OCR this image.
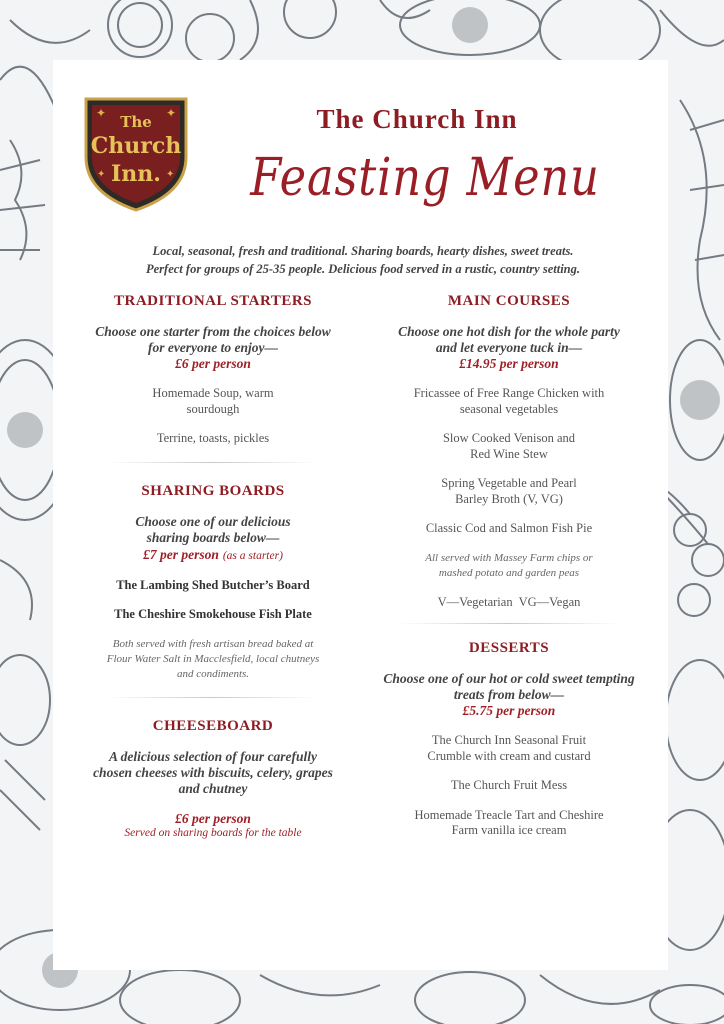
✦	✦
✦	✦
The
Church
Inn.
The Church Inn
Feasting Menu
Local, seasonal, fresh and traditional. Sharing boards, hearty dishes, sweet treats.
Perfect for groups of 25-35 people. Delicious food served in a rustic, country setting.
TRADITIONAL STARTERS
Choose one starter from the choices below for everyone to enjoy—
£6 per person
Homemade Soup, warm sourdough
Terrine, toasts, pickles
SHARING BOARDS
Choose one of our delicious sharing boards below—
£7 per person (as a starter)
The Lambing Shed Butcher’s Board
The Cheshire Smokehouse Fish Plate
Both served with fresh artisan bread baked at Flour Water Salt in Macclesfield, local chutneys and condiments.
CHEESEBOARD
A delicious selection of four carefully chosen cheeses with biscuits, celery, grapes and chutney
£6 per person
Served on sharing boards for the table
MAIN COURSES
Choose one hot dish for the whole party and let everyone tuck in—
£14.95 per person
Fricassee of Free Range Chicken with seasonal vegetables
Slow Cooked Venison and Red Wine Stew
Spring Vegetable and Pearl Barley Broth (V, VG)
Classic Cod and Salmon Fish Pie
All served with Massey Farm chips or mashed potato and garden peas
V—Vegetarian  VG—Vegan
DESSERTS
Choose one of our hot or cold sweet tempting treats from below—
£5.75 per person
The Church Inn Seasonal Fruit Crumble with cream and custard
The Church Fruit Mess
Homemade Treacle Tart and Cheshire Farm vanilla ice cream
